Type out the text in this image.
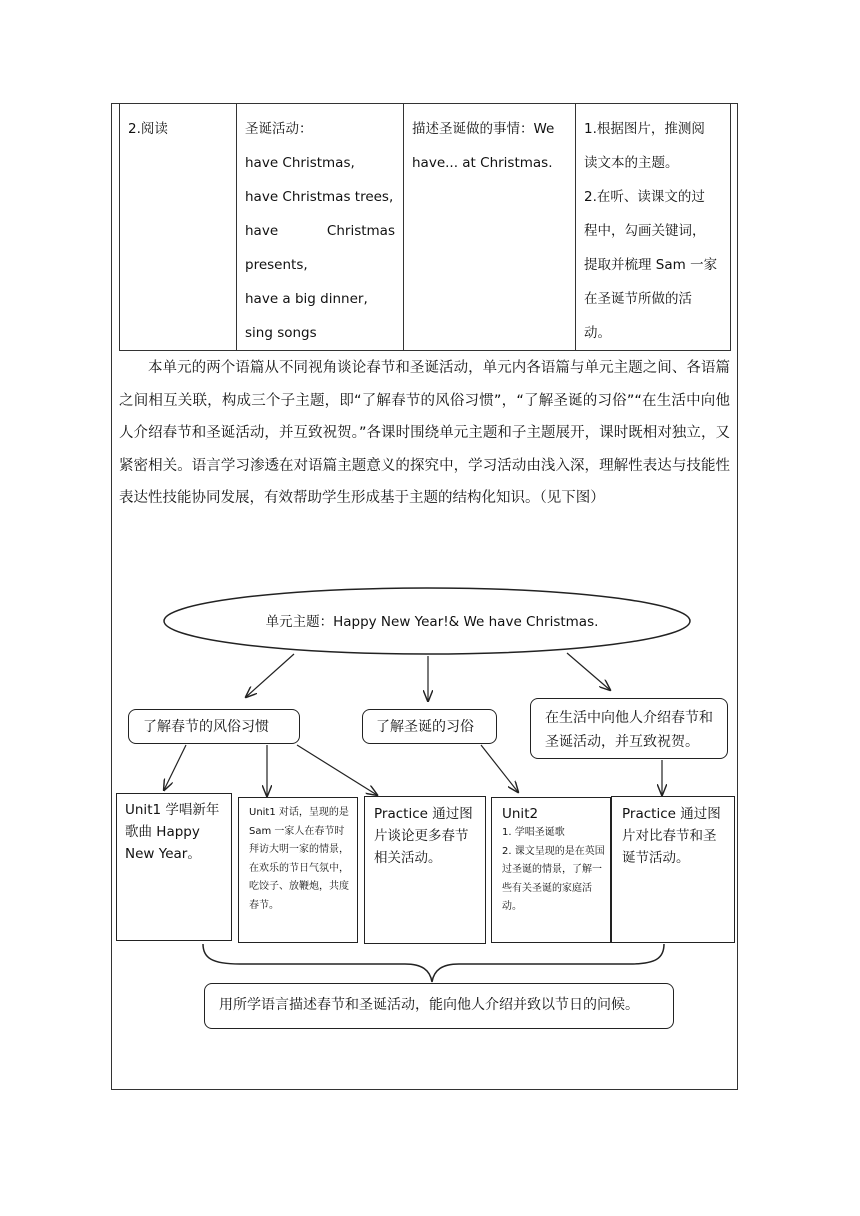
2.阅读	圣诞活动：
have Christmas,
have Christmas trees,
have	Christmas
presents,
have a big dinner,
sing songs

描述圣诞做的事情：We
have... at Christmas.

1.根据图片，推测阅
读文本的主题。
2.在听、读课文的过
程中，勾画关键词，
提取并梳理 Sam 一家
在圣诞节所做的活
动。
本单元的两个语篇从不同视角谈论春节和圣诞活动，单元内各语篇与单元主题之间、各语篇之间相互关联，构成三个子主题，即“了解春节的风俗习惯”，“了解圣诞的习俗”“在生活中向他人介绍春节和圣诞活动，并互致祝贺。”各课时围绕单元主题和子主题展开，课时既相对独立，又紧密相关。语言学习渗透在对语篇主题意义的探究中，学习活动由浅入深，理解性表达与技能性表达性技能协同发展，有效帮助学生形成基于主题的结构化知识。（见下图）
单元主题：Happy New Year!& We have Christmas.
了解春节的风俗习惯	了解圣诞的习俗
在生活中向他人介绍春节和圣诞活动，并互致祝贺。
Unit1 学唱新年歌曲 Happy New Year。
Unit1 对话，呈现的是 Sam 一家人在春节时拜访大明一家的情景，在欢乐的节日气氛中，吃饺子、放鞭炮，共度春节。
Practice 通过图片谈论更多春节相关活动。
Unit2
1. 学唱圣诞歌
2. 课文呈现的是在英国过圣诞的情景，了解一些有关圣诞的家庭活动。
Practice 通过图片对比春节和圣诞节活动。
用所学语言描述春节和圣诞活动，能向他人介绍并致以节日的问候。
